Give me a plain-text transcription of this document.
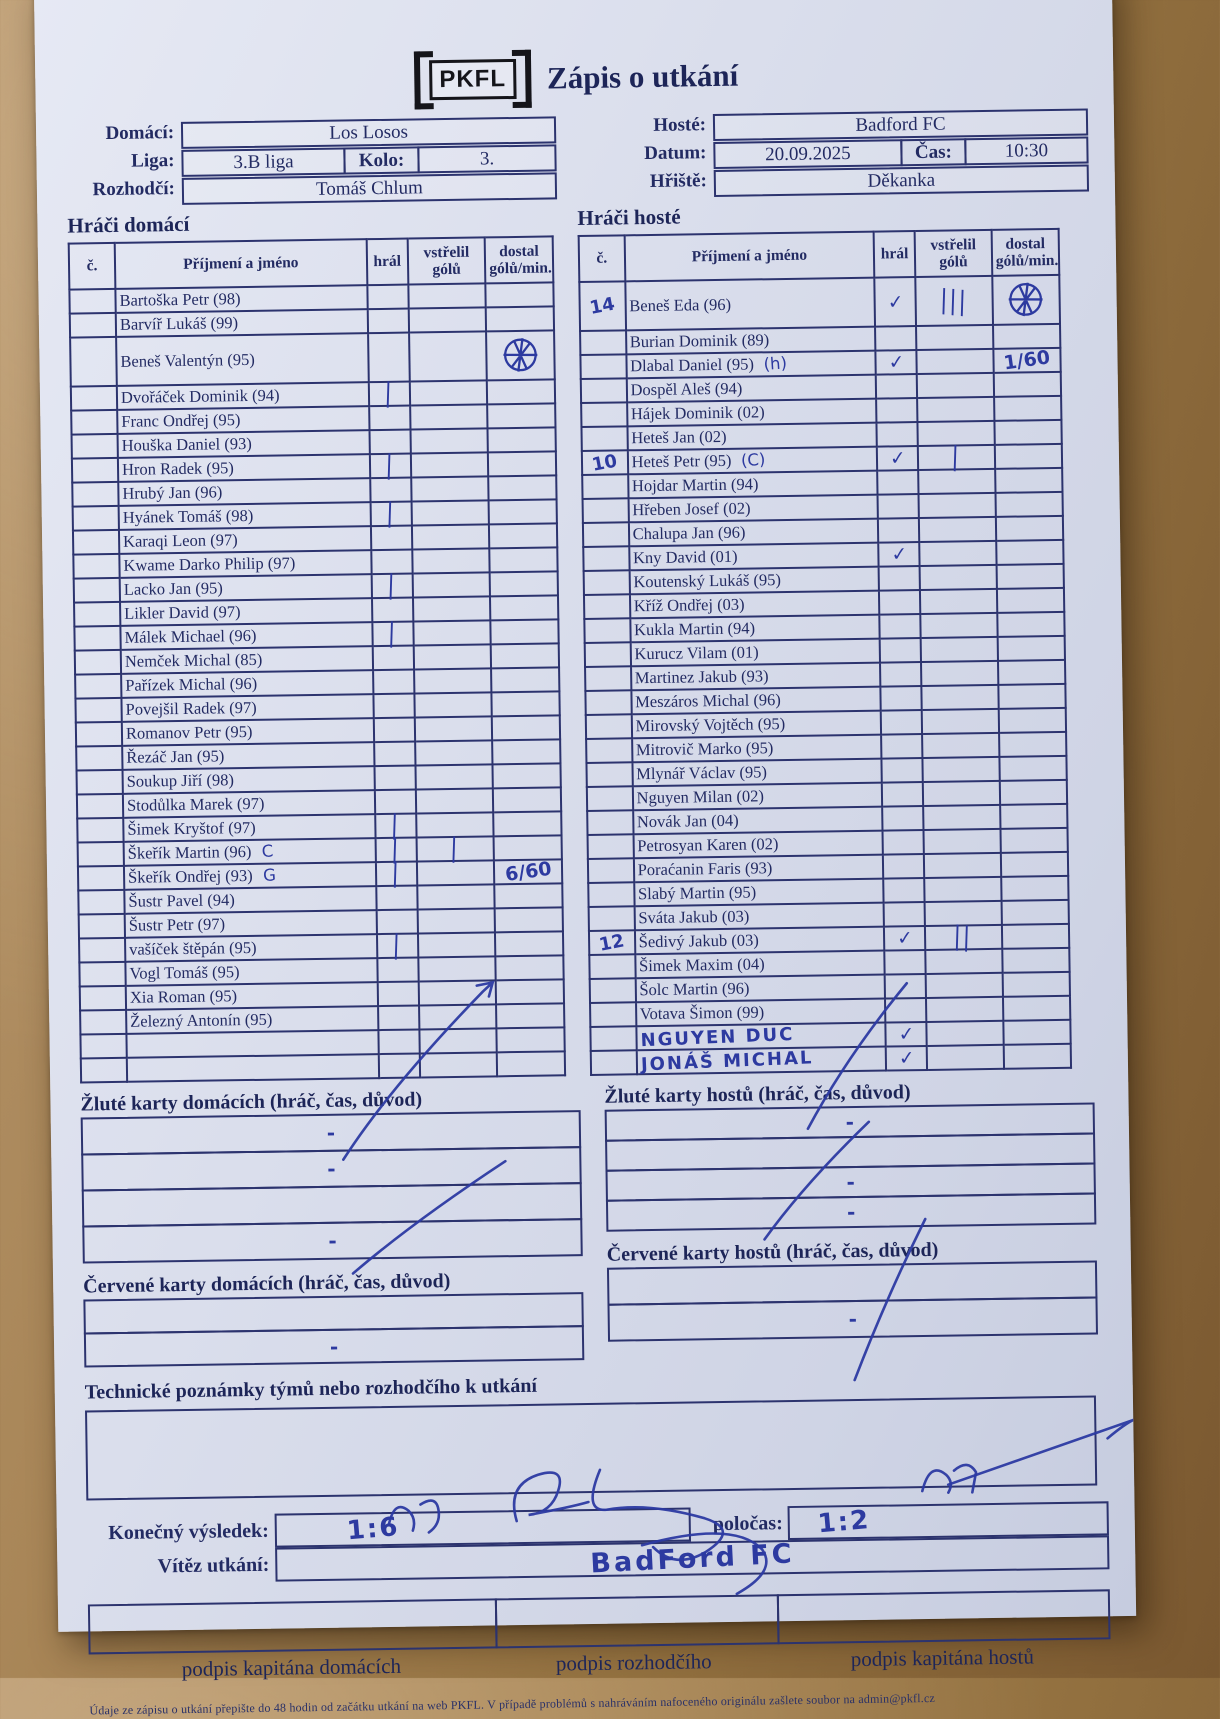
PKFL	Zápis o utkání
Domácí:	Los Losos
Liga:	3.B liga	Kolo:	3.
Rozhodčí:	Tomáš Chlum
Hosté:	Badford FC
Datum:	20.09.2025	Čas:	10:30
Hřiště:	Děkanka
Hráči domácí
č.	Příjmení a jméno	hrál	vstřelil gólů	dostal gólů/min.
	Bartoška Petr (98)			
	Barvíř Lukáš (99)			
	Beneš Valentýn (95)			
	Dvořáček Dominik (94)	|		
	Franc Ondřej (95)			
	Houška Daniel (93)			
	Hron Radek (95)	|		
	Hrubý Jan (96)			
	Hyánek Tomáš (98)	|		
	Karaqi Leon (97)			
	Kwame Darko Philip (97)			
	Lacko Jan (95)	|		
	Likler David (97)			
	Málek Michael (96)	|		
	Nemček Michal (85)			
	Pařízek Michal (96)			
	Povejšil Radek (97)			
	Romanov Petr (95)			
	Řezáč Jan (95)			
	Soukup Jiří (98)			
	Stodůlka Marek (97)			
	Šimek Kryštof (97)	|		
	Škeřík Martin (96) C	|	|	
	Škeřík Ondřej (93) G	|		6/60
	Šustr Pavel (94)			
	Šustr Petr (97)			
	vašíček štěpán (95)	|		
	Vogl Tomáš (95)			
	Xia Roman (95)			
	Železný Antonín (95)			

Hráči hosté
č.	Příjmení a jméno	hrál	vstřelil gólů	dostal gólů/min.
14	Beneš Eda (96)	✓	|||	
	Burian Dominik (89)			
	Dlabal Daniel (95) (h)	✓		1/60
	Dospěl Aleš (94)			
	Hájek Dominik (02)			
	Heteš Jan (02)			
10	Heteš Petr (95) (C)	✓	|	
	Hojdar Martin (94)			
	Hřeben Josef (02)			
	Chalupa Jan (96)			
	Kny David (01)	✓		
	Koutenský Lukáš (95)			
	Kříž Ondřej (03)			
	Kukla Martin (94)			
	Kurucz Vilam (01)			
	Martinez Jakub (93)			
	Meszáros Michal (96)			
	Mirovský Vojtěch (95)			
	Mitrovič Marko (95)			
	Mlynář Václav (95)			
	Nguyen Milan (02)			
	Novák Jan (04)			
	Petrosyan Karen (02)			
	Poraćanin Faris (93)			
	Slabý Martin (95)			
	Sváta Jakub (03)			
12	Šedivý Jakub (03)	✓	||	
	Šimek Maxim (04)			
	Šolc Martin (96)			
	Votava Šimon (99)			
	NGUYEN DUC	✓		
	JONÁŠ MICHAL	✓		
Žluté karty domácích (hráč, čas, důvod)
-
-
-
Červené karty domácích (hráč, čas, důvod)
-
Žluté karty hostů (hráč, čas, důvod)
-
-
-
Červené karty hostů (hráč, čas, důvod)
-
Technické poznámky týmů nebo rozhodčího k utkání
Konečný výsledek:	1:6	poločas: 1:2
Vítěz utkání:	BadFord FC
podpis kapitána domácích	podpis rozhodčího	podpis kapitána hostů
Údaje ze zápisu o utkání přepište do 48 hodin od začátku utkání na web PKFL. V případě problémů s nahráváním nafoceného originálu zašlete soubor na admin@pkfl.cz
